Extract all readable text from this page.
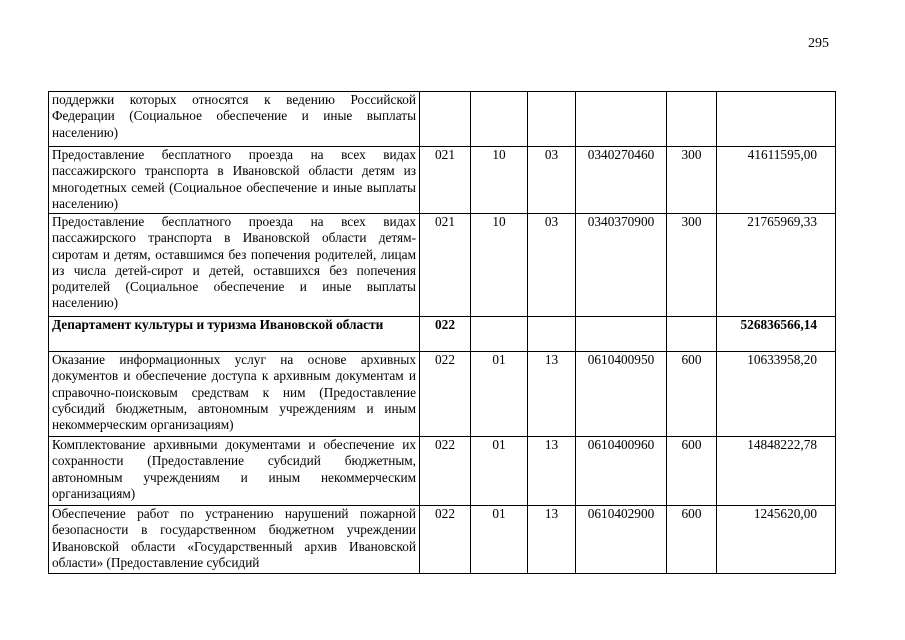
295
поддержки которых относятся к ведению Российской Федерации (Социальное обеспечение и иные выплаты населению)						
Предоставление бесплатного проезда на всех видах пассажирского транспорта в Ивановской области детям из многодетных семей (Социальное обеспечение и иные выплаты населению)	021	10	03	0340270460	300	41611595,00
Предоставление бесплатного проезда на всех видах пассажирского транспорта в Ивановской области детям-сиротам и детям, оставшимся без попечения родителей, лицам из числа детей-сирот и детей, оставшихся без попечения родителей (Социальное обеспечение и иные выплаты населению)	021	10	03	0340370900	300	21765969,33
Департамент культуры и туризма Ивановской области	022					526836566,14
Оказание информационных услуг на основе архивных документов и обеспечение доступа к архивным документам и справочно-поисковым средствам к ним (Предоставление субсидий бюджетным, автономным учреждениям и иным некоммерческим организациям)	022	01	13	0610400950	600	10633958,20
Комплектование архивными документами и обеспечение их сохранности (Предоставление субсидий бюджетным, автономным учреждениям и иным некоммерческим организациям)	022	01	13	0610400960	600	14848222,78
Обеспечение работ по устранению нарушений пожарной безопасности в государственном бюджетном учреждении Ивановской области «Государственный архив Ивановской области» (Предоставление субсидий	022	01	13	0610402900	600	1245620,00
